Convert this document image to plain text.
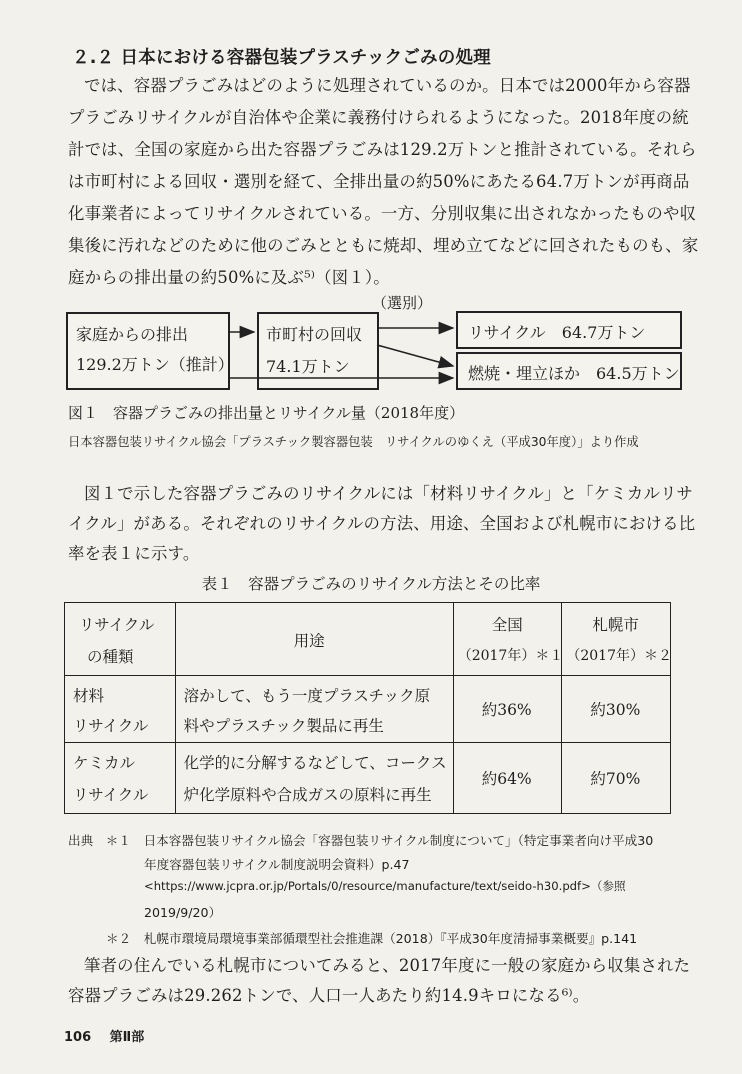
２.２ 日本における容器包装プラスチックごみの処理
では、容器プラごみはどのように処理されているのか。日本では2000年から容器
プラごみリサイクルが自治体や企業に義務付けられるようになった。2018年度の統
計では、全国の家庭から出た容器プラごみは129.2万トンと推計されている。それら
は市町村による回収・選別を経て、全排出量の約50%にあたる64.7万トンが再商品
化事業者によってリサイクルされている。一方、分別収集に出されなかったものや収
集後に汚れなどのために他のごみとともに焼却、埋め立てなどに回されたものも、家
庭からの排出量の約50%に及ぶ⁵⁾（図１）。
家庭からの排出
129.2万トン（推計）
市町村の回収
74.1万トン
リサイクル　64.7万トン
燃焼・埋立ほか　64.5万トン
（選別）
図１　容器プラごみの排出量とリサイクル量（2018年度）
日本容器包装リサイクル協会「プラスチック製容器包装　リサイクルのゆくえ（平成30年度）」より作成
図１で示した容器プラごみのリサイクルには「材料リサイクル」と「ケミカルリサ
イクル」がある。それぞれのリサイクルの方法、用途、全国および札幌市における比
率を表１に示す。
表１　容器プラごみのリサイクル方法とその比率
リサイクル
の種類	用途	全国
（2017年）＊１	札幌市
（2017年）＊２

材料
リサイクル	溶かして、もう一度プラスチック原
料やプラスチック製品に再生	約36%	約30%

ケミカル
リサイクル	化学的に分解するなどして、コークス
炉化学原料や合成ガスの原料に再生	約64%	約70%
出典　＊１　日本容器包装リサイクル協会「容器包装リサイクル制度について」（特定事業者向け平成30
年度容器包装リサイクル制度説明会資料）p.47
<https://www.jcpra.or.jp/Portals/0/resource/manufacture/text/seido-h30.pdf>（参照
2019/9/20）
＊２　札幌市環境局環境事業部循環型社会推進課（2018）『平成30年度清掃事業概要』p.141
筆者の住んでいる札幌市についてみると、2017年度に一般の家庭から収集された
容器プラごみは29.262トンで、人口一人あたり約14.9キロになる⁶⁾。
106 第Ⅱ部
